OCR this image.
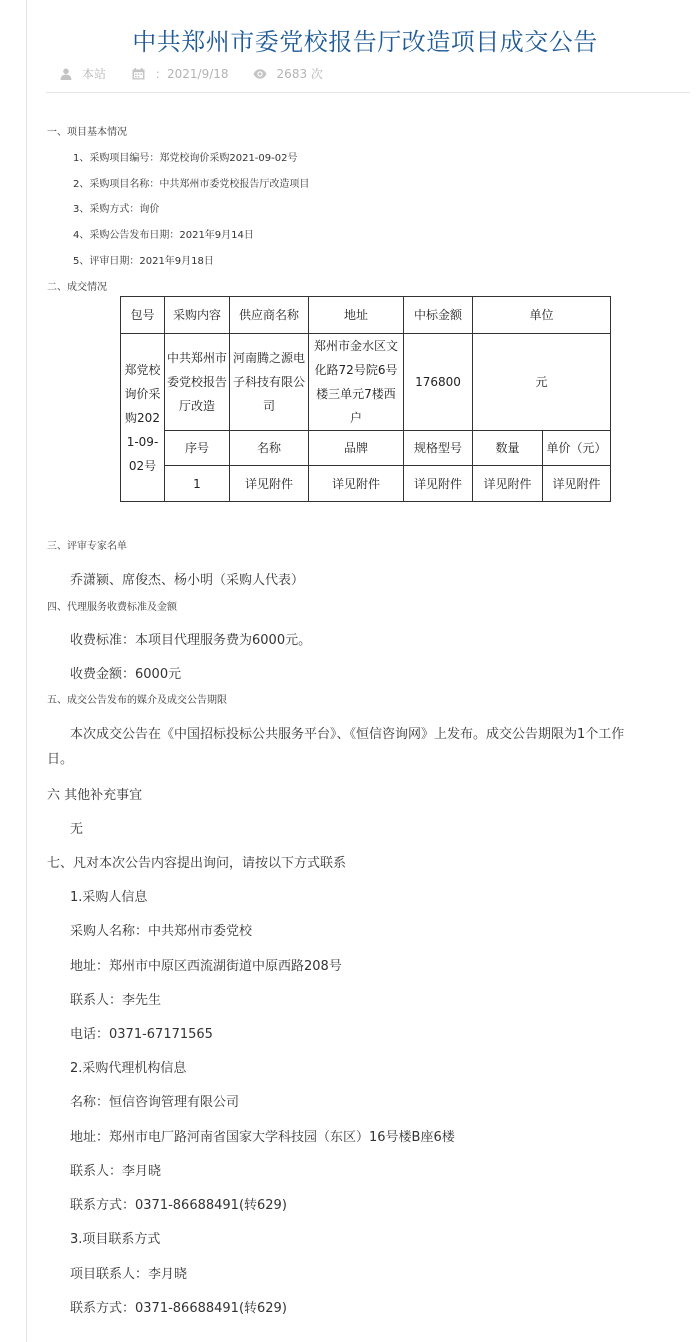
中共郑州市委党校报告厅改造项目成交公告
本站	：2021/9/18	2683 次
一、项目基本情况
1、采购项目编号：郑党校询价采购2021-09-02号
2、采购项目名称：中共郑州市委党校报告厅改造项目
3、采购方式：询价
4、采购公告发布日期：2021年9月14日
5、评审日期：2021年9月18日
二、成交情况
包号	采购内容	供应商名称	地址	中标金额	单位	
郑党校询价采购2021-09-02号	中共郑州市委党校报告厅改造	河南腾之源电子科技有限公司	郑州市金水区文化路72号院6号楼三单元7楼西户	176800	元	
	序号	名称	品牌	规格型号	数量	单价（元）
	1	详见附件	详见附件	详见附件	详见附件	详见附件
三、评审专家名单
乔潇颍、席俊杰、杨小明（采购人代表）
四、代理服务收费标准及金额
收费标准：本项目代理服务费为6000元。
收费金额：6000元
五、成交公告发布的媒介及成交公告期限
本次成交公告在《中国招标投标公共服务平台》、《恒信咨询网》上发布。成交公告期限为1个工作
日。
六 其他补充事宜
无
七、凡对本次公告内容提出询问，请按以下方式联系
1.采购人信息
采购人名称：中共郑州市委党校
地址：郑州市中原区西流湖街道中原西路208号
联系人：李先生
电话：0371-67171565
2.采购代理机构信息
名称：恒信咨询管理有限公司
地址：郑州市电厂路河南省国家大学科技园（东区）16号楼B座6楼
联系人：李月晓
联系方式：0371-86688491(转629)
3.项目联系方式
项目联系人：李月晓
联系方式：0371-86688491(转629)
